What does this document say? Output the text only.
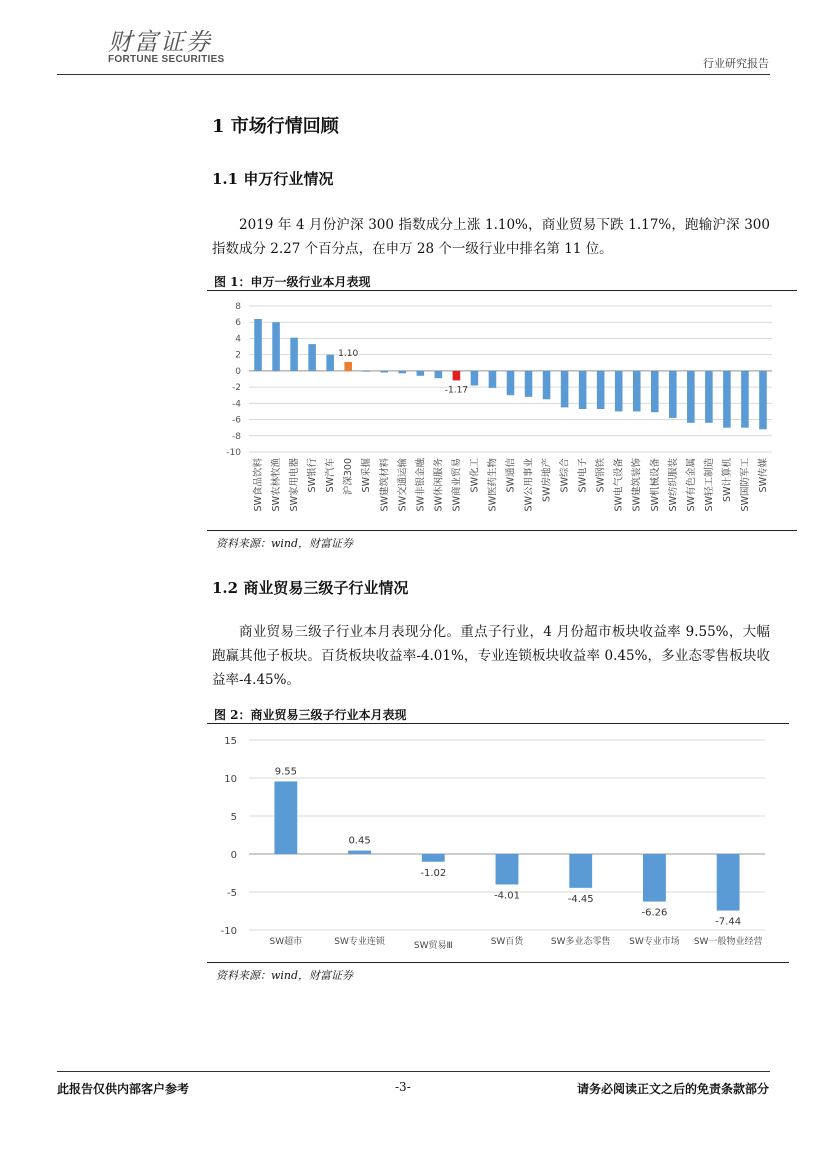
财富证券
FORTUNE SECURITIES	行业研究报告
1 市场行情回顾
1.1 申万行业情况
2019 年 4 月份沪深 300 指数成分上涨 1.10%，商业贸易下跌 1.17%，跑输沪深 300 指数成分 2.27 个百分点，在申万 28 个一级行业中排名第 11 位。
图 1：申万一级行业本月表现
8
6
4
2
0
-2
-4
-6
-8
-10
SW食品饮料 SW农林牧渔 SW家用电器 SW银行 SW汽车 沪深300
1.10
SW采掘 SW建筑材料 SW交通运输 SW非银金融 SW休闲服务 SW商业贸易
-1.17
SW化工 SW医药生物 SW通信 SW公用事业 SW房地产 SW综合 SW电子 SW钢铁 SW电气设备 SW建筑装饰 SW机械设备 SW纺织服装 SW有色金属 SW轻工制造 SW计算机 SW国防军工 SW传媒
资料来源：wind，财富证券
1.2 商业贸易三级子行业情况
商业贸易三级子行业本月表现分化。重点子行业，4 月份超市板块收益率 9.55%，大幅跑赢其他子板块。百货板块收益率-4.01%，专业连锁板块收益率 0.45%，多业态零售板块收益率-4.45%。
图 2：商业贸易三级子行业本月表现
15
10
5
0
-5
-10
9.55
SW超市
0.45
SW专业连锁
-1.02
SW贸易Ⅲ
-4.01
SW百货
-4.45
SW多业态零售
-6.26
SW专业市场
-7.44
SW一般物业经营
资料来源：wind，财富证券
此报告仅供内部客户参考	-3-	请务必阅读正文之后的免责条款部分
